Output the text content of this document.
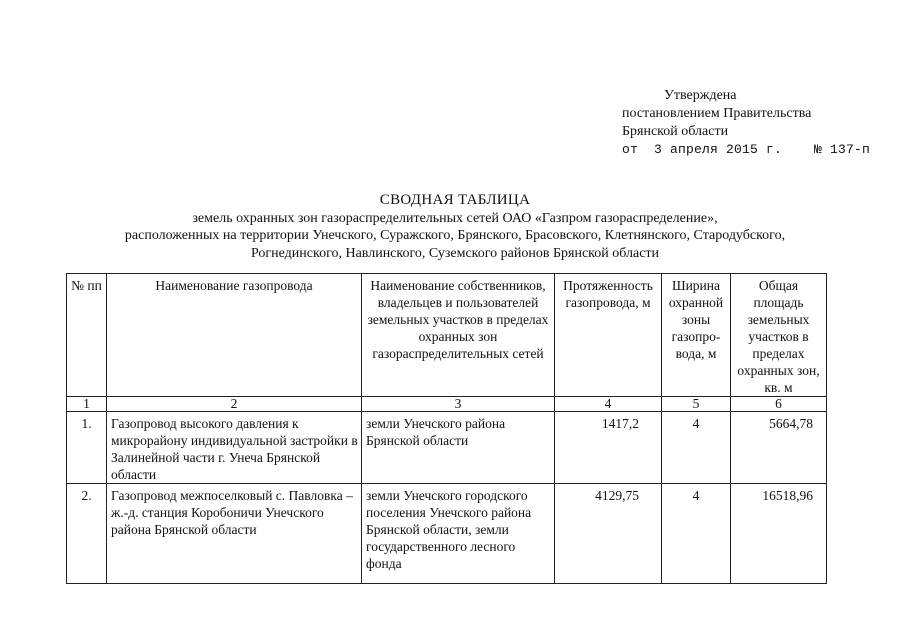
Утверждена
постановлением Правительства
Брянской области
от  3 апреля 2015 г.    № 137-п
СВОДНАЯ ТАБЛИЦА
земель охранных зон газораспределительных сетей ОАО «Газпром газораспределение»,
расположенных на территории Унечского, Суражского, Брянского, Брасовского, Клетнянского, Стародубского,
Рогнединского, Навлинского, Суземского районов Брянской области
№ пп	Наименование газопровода	Наименование собственников, владельцев и пользователей земельных участков в пределах охранных зон газораспределительных сетей	Протяженность газопровода, м	Ширина охранной зоны газопро-вода, м	Общая площадь земельных участков в пределах охранных зон, кв. м
1	2	3	4	5	6
1.	Газопровод высокого давления к микрорайону индивидуальной застройки в Залинейной части г. Унеча Брянской области	земли Унечского района Брянской области	1417,2	4	5664,78
2.	Газопровод межпоселковый с. Павловка – ж.-д. станция Коробоничи Унечского района Брянской области	земли Унечского городского поселения Унечского района Брянской области, земли государственного лесного фонда	4129,75	4	16518,96
